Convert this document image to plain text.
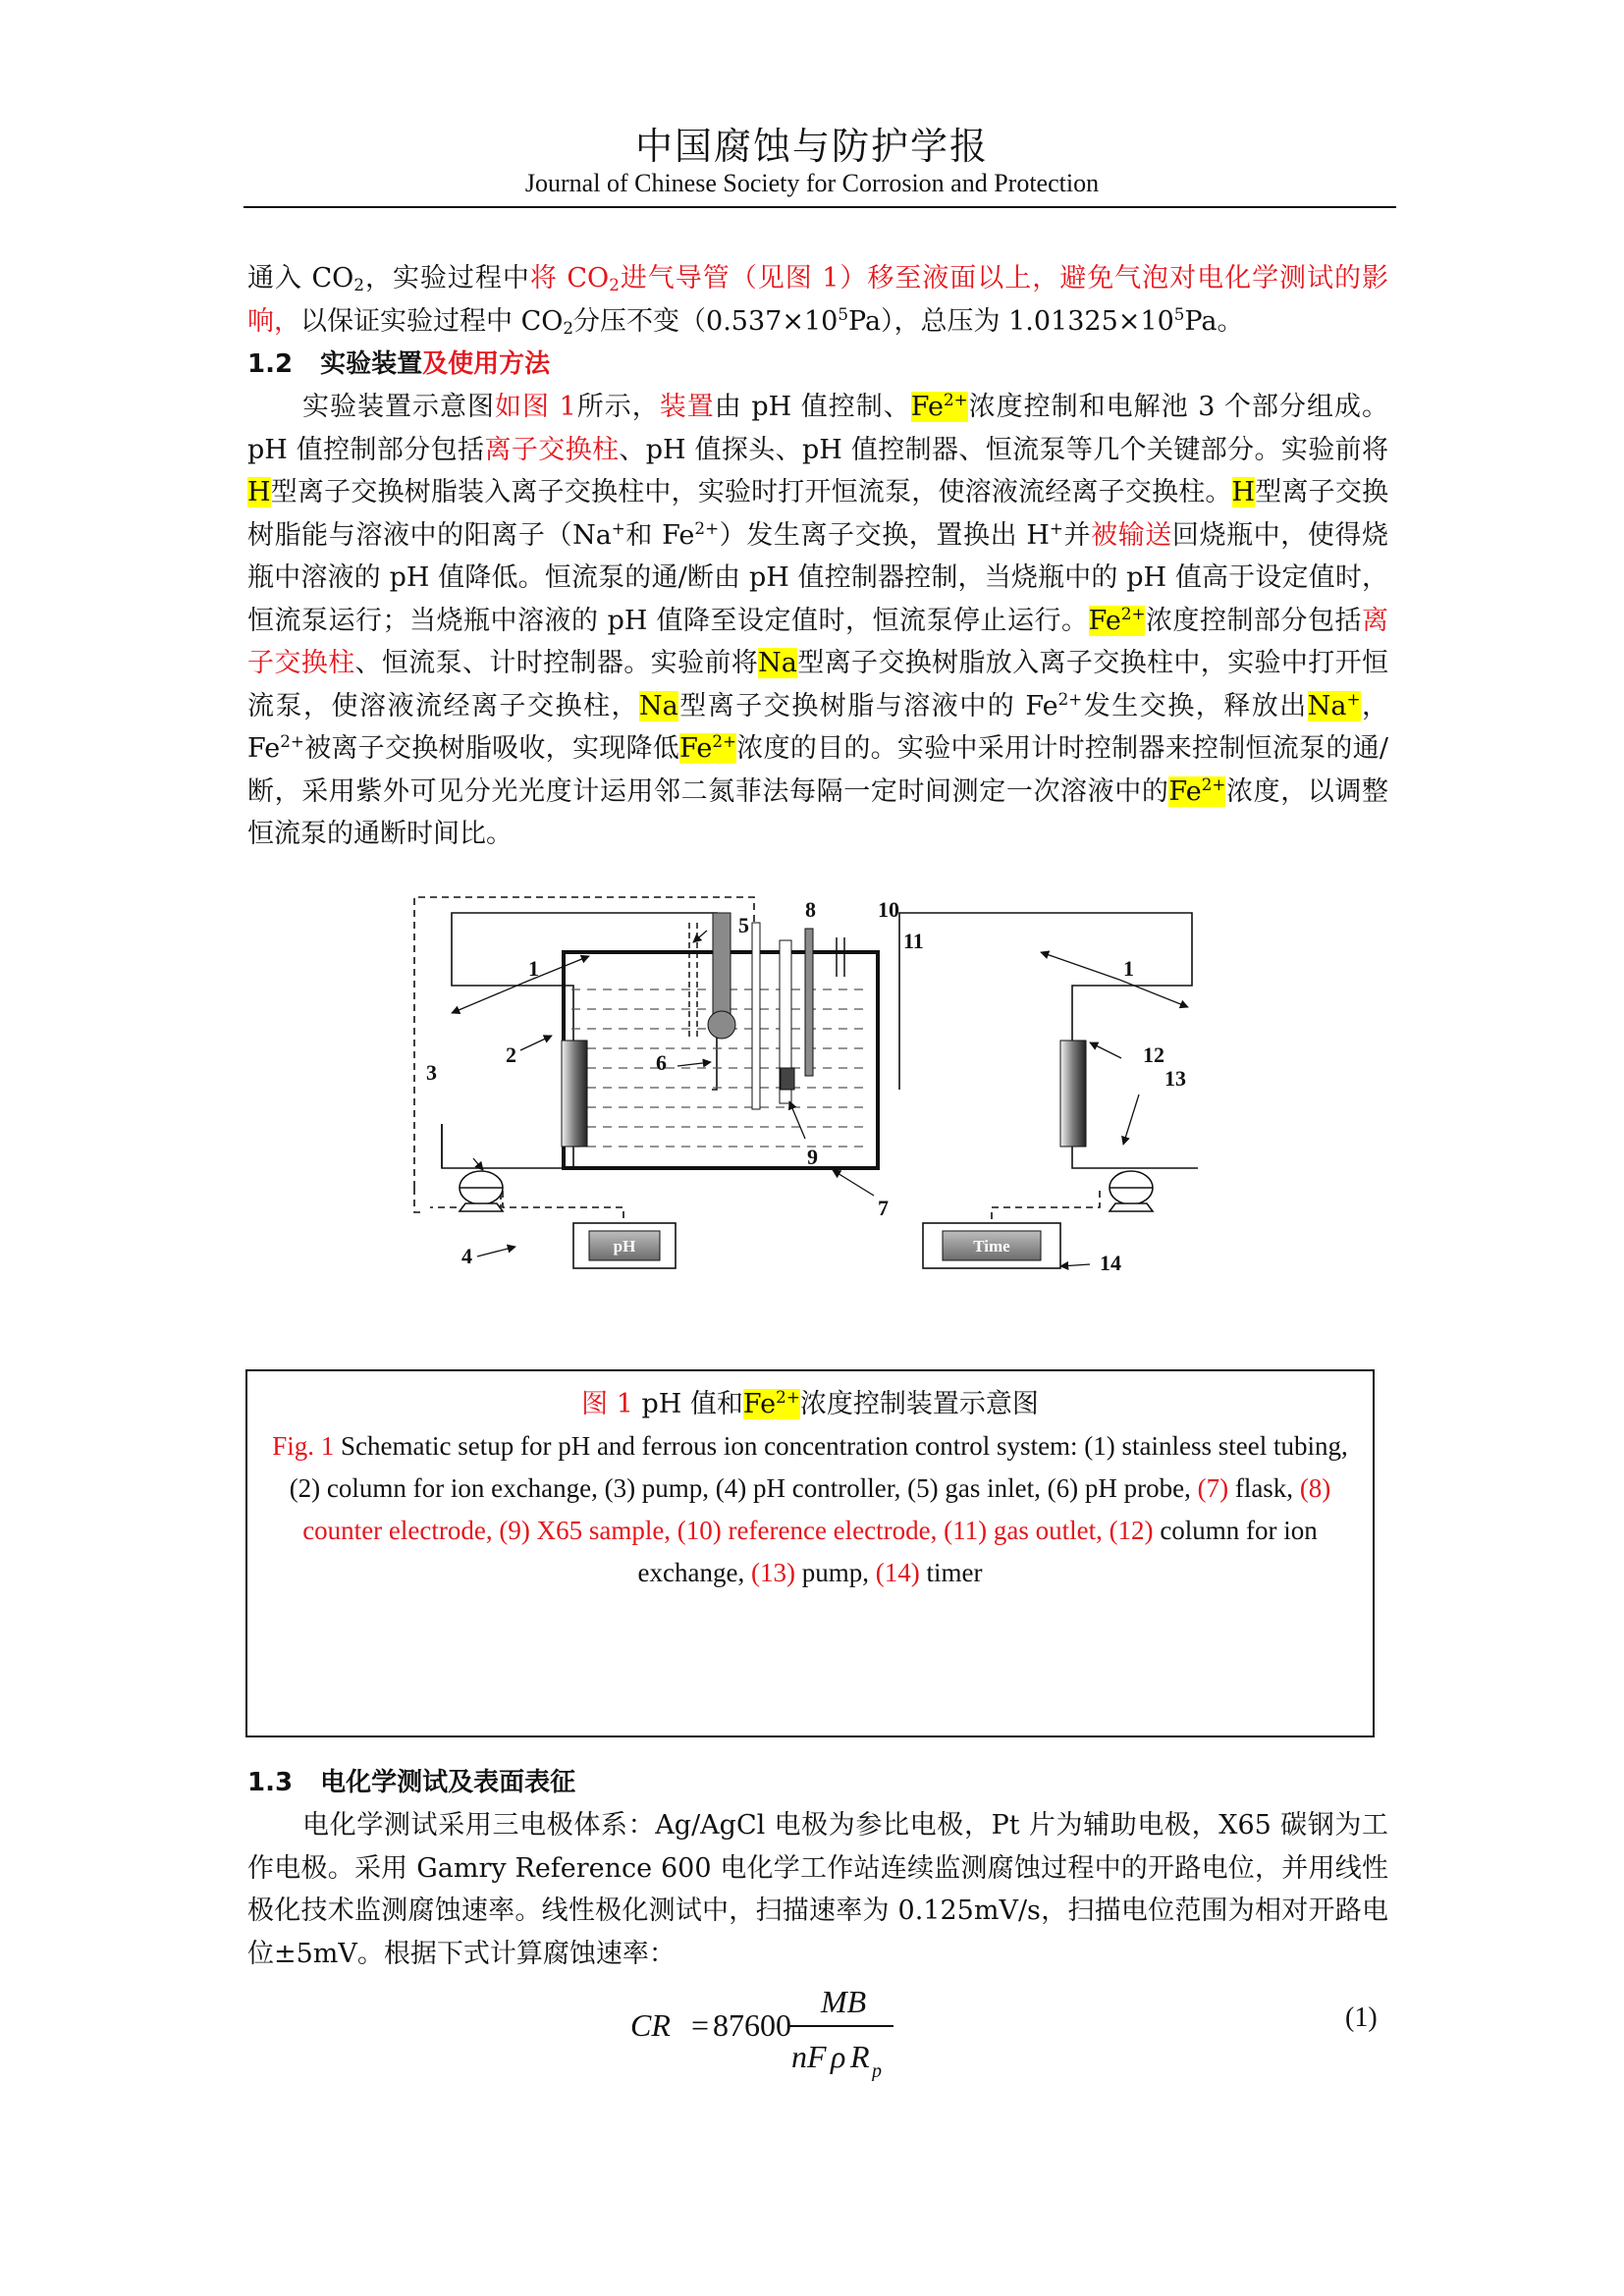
中国腐蚀与防护学报
Journal of Chinese Society for Corrosion and Protection

通入 $CO_2$，实验过程中将 $CO_2$进气导管（见图 1）移至液面以上，避免气泡对电化学测试的影响，以保证实验过程中 $CO_2$分压不变$(0.537\times 10^5Pa)$，总压为 $1.01325\times 10^5Pa$。

1.2 实验装置及使用方法

实验装置示意图如图 1所示，装置由 pH 值控制、$Fe^{2+}$浓度控制和电解池 3 个部分组成。pH 值控制部分包括离子交换柱、pH 值探头、pH 值控制器、恒流泵等几个关键部分。实验前将H型离子交换树脂装入离子交换柱中，实验时打开恒流泵，使溶液流经离子交换柱。H型离子交换树脂能与溶液中的阳离子（Na+和 $Fe^{2+}$）发生离子交换，置换出 H+并被输送回烧瓶中，使得烧瓶中溶液的 pH 值降低。恒流泵的通/断由 pH 值控制器控制，当烧瓶中的 pH 值高于设定值时，恒流泵运行；当烧瓶中溶液的 pH 值降至设定值时，恒流泵停止运行。$Fe^{2+}$浓度控制部分包括离子交换柱、恒流泵、计时控制器。实验前将Na型离子交换树脂放入离子交换柱中，实验中打开恒流泵，使溶液流经离子交换柱，Na型离子交换树脂与溶液中的 $Fe^{2+}$发生交换，释放出Na+，$Fe^{2+}$被离子交换树脂吸收，实现降低$Fe^{2+}$浓度的目的。实验中采用计时控制器来控制恒流泵的通/断，采用紫外可见分光光度计运用邻二氮菲法每隔一定时间测定一次溶液中的$Fe^{2+}$浓度，以调整恒流泵的通断时间比。

pH	Time
1
2
3
4
5
6
7
8
9
10
11
12
13
14
1

图 1 pH 值和$Fe^{2+}$浓度控制装置示意图

Fig. 1 Schematic setup for pH and ferrous ion concentration control system: (1) stainless steel tubing, (2) column for ion exchange, (3) pump, (4) pH controller, (5) gas inlet, (6) pH probe, (7) flask, (8) counter electrode, (9) X65 sample, (10) reference electrode, (11) gas outlet, (12) column for ion exchange, (13) pump, (14) timer

1.3 电化学测试及表面表征

电化学测试采用三电极体系：Ag/AgCl 电极为参比电极，Pt 片为辅助电极，X65 碳钢为工作电极。采用 Gamry Reference 600 电化学工作站连续监测腐蚀过程中的开路电位，并用线性极化技术监测腐蚀速率。线性极化测试中，扫描速率为 0.125mV/s，扫描电位范围为相对开路电位±5mV。根据下式计算腐蚀速率：

CR = 87600
MB
nF ρ R p
(1)
